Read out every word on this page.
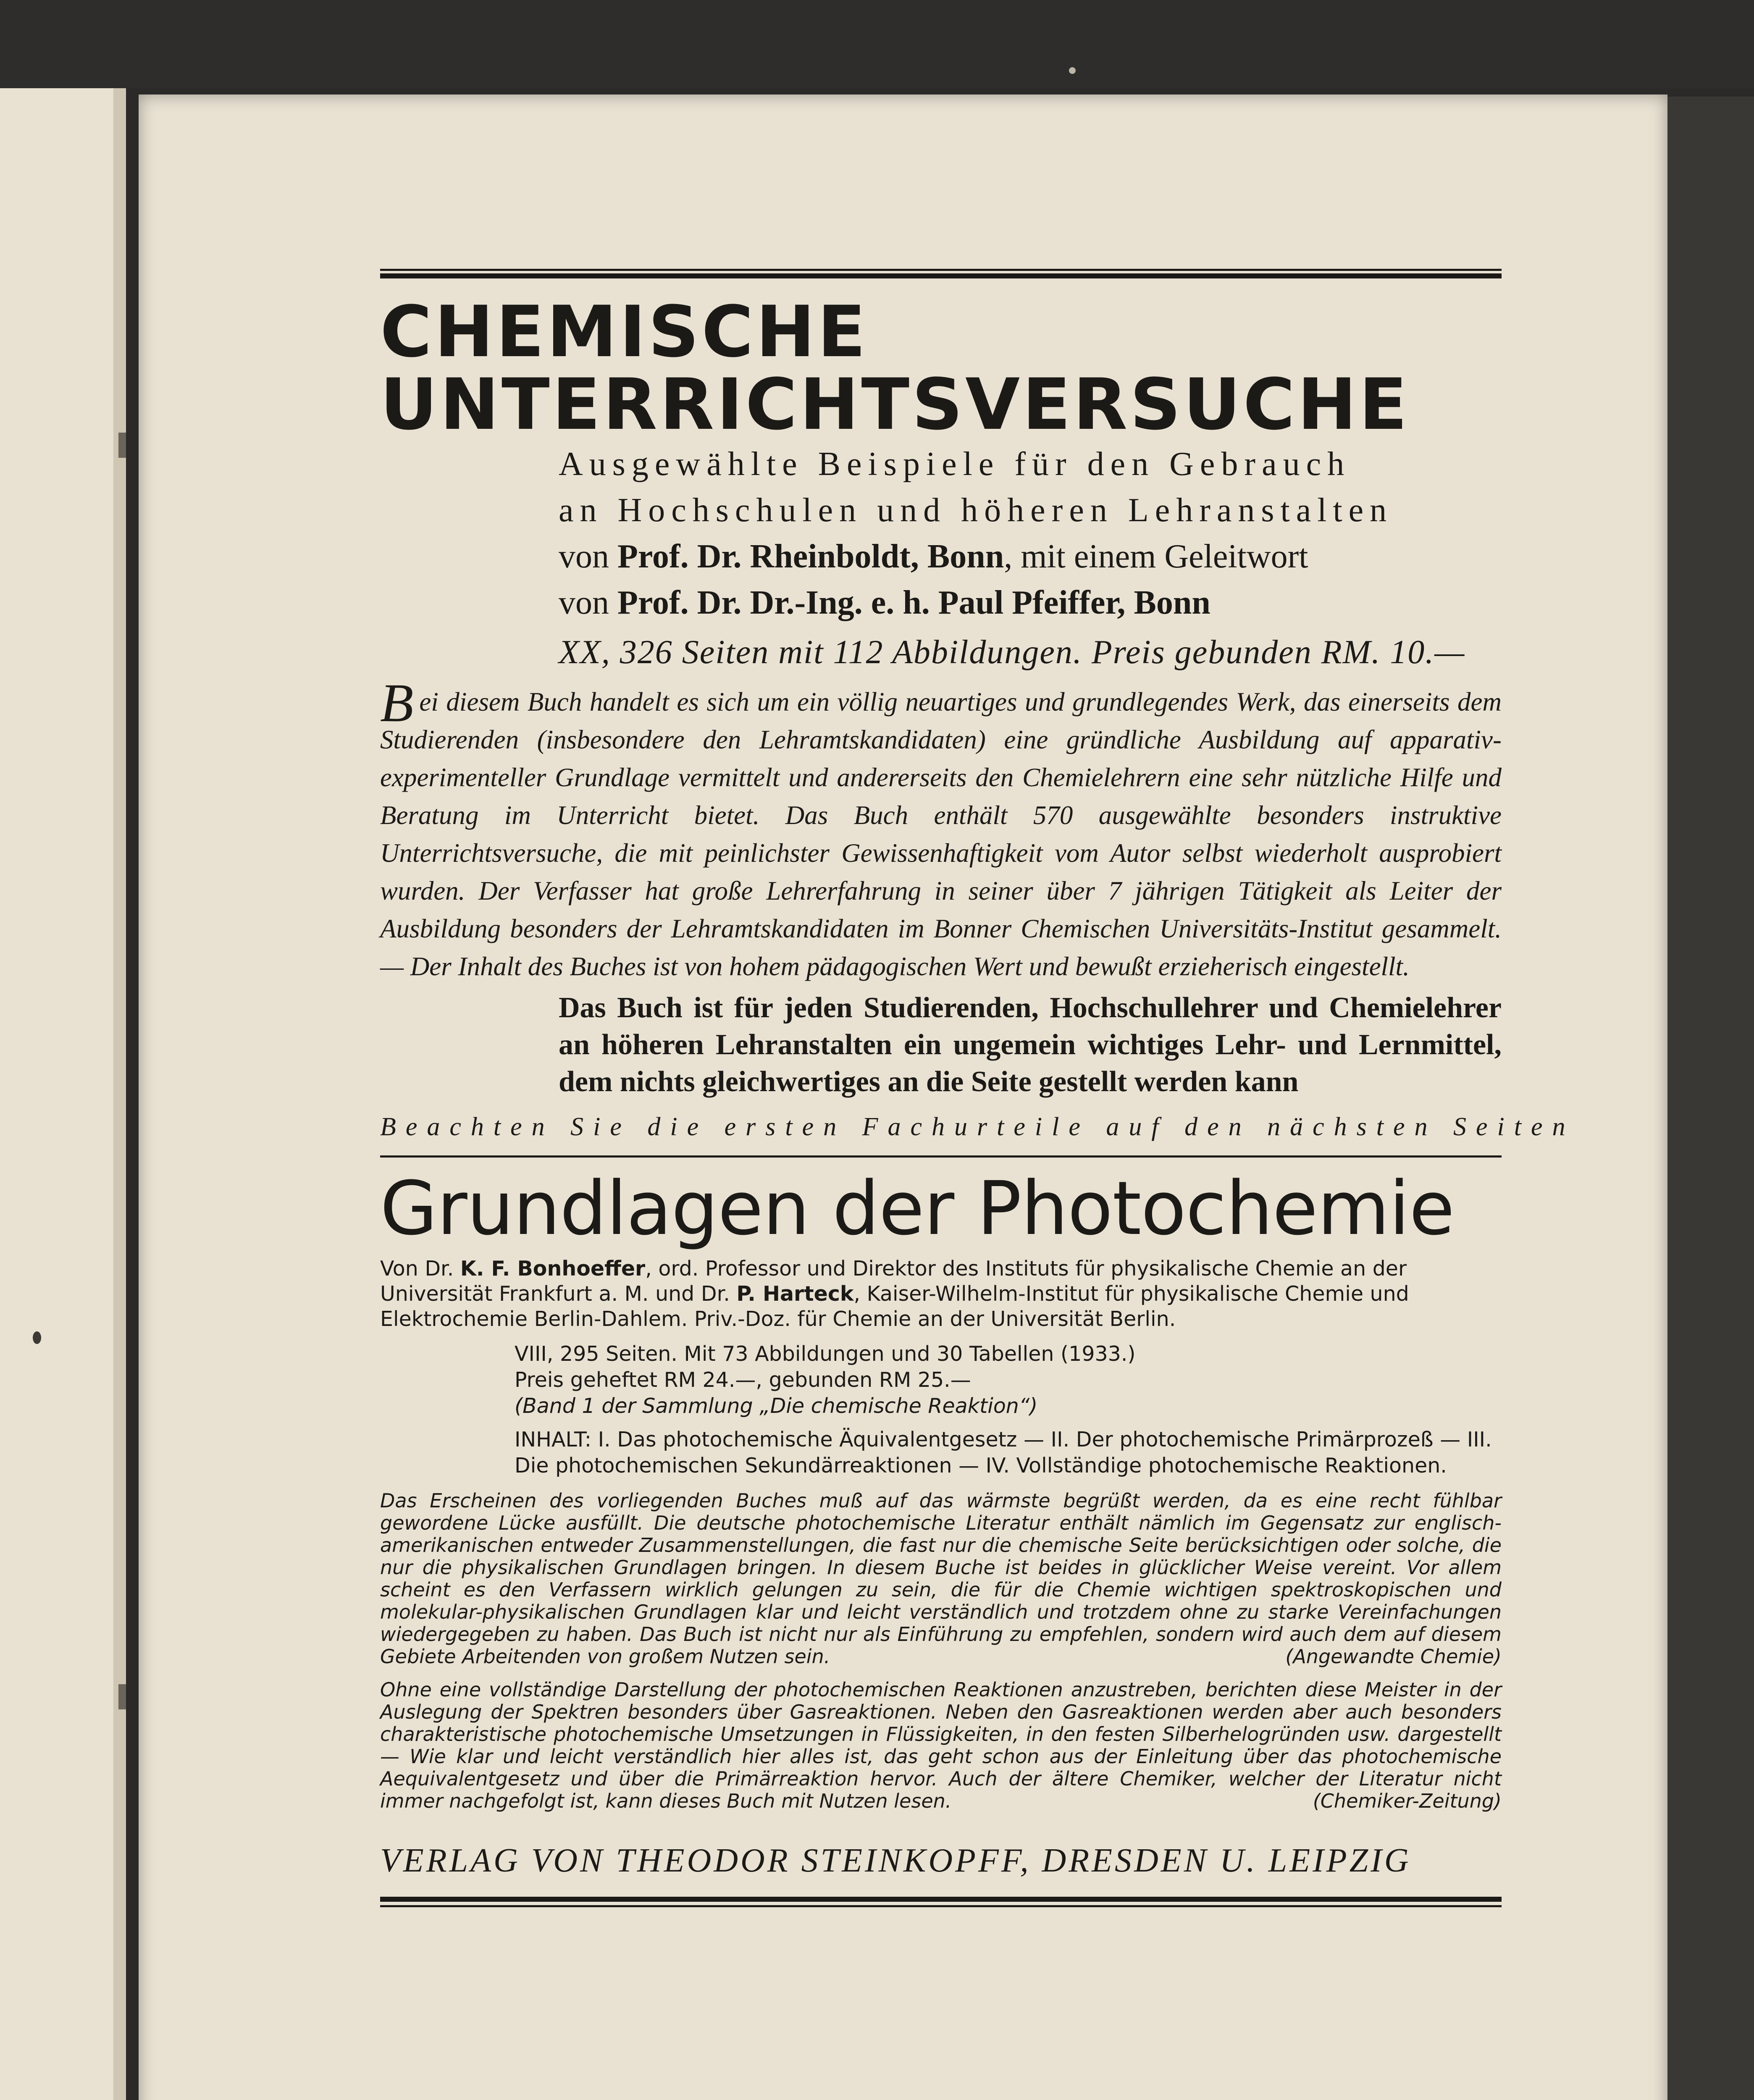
CHEMISCHE
UNTERRICHTSVERSUCHE
Ausgewählte Beispiele für den Gebrauch
an Hochschulen und höheren Lehranstalten
von Prof. Dr. Rheinboldt, Bonn, mit einem Geleitwort
von Prof. Dr. Dr.-Ing. e. h. Paul Pfeiffer, Bonn
XX, 326 Seiten mit 112 Abbildungen. Preis gebunden RM. 10.—
Bei diesem Buch handelt es sich um ein völlig neuartiges und grundlegendes Werk, das einerseits dem Studierenden (insbesondere den Lehramtskandidaten) eine gründliche Ausbildung auf apparativ-experimenteller Grundlage vermittelt und andererseits den Chemielehrern eine sehr nützliche Hilfe und Beratung im Unterricht bietet. Das Buch enthält 570 ausgewählte besonders instruktive Unterrichtsversuche, die mit peinlichster Gewissenhaftigkeit vom Autor selbst wiederholt ausprobiert wurden. Der Verfasser hat große Lehrerfahrung in seiner über 7 jährigen Tätigkeit als Leiter der Ausbildung besonders der Lehramtskandidaten im Bonner Chemischen Universitäts-Institut gesammelt. — Der Inhalt des Buches ist von hohem pädagogischen Wert und bewußt erzieherisch eingestellt.
Das Buch ist für jeden Studierenden, Hochschullehrer und Chemielehrer an höheren Lehranstalten ein ungemein wichtiges Lehr- und Lernmittel, dem nichts gleichwertiges an die Seite gestellt werden kann
Beachten Sie die ersten Fachurteile auf den nächsten Seiten
Grundlagen der Photochemie
Von Dr. K. F. Bonhoeffer, ord. Professor und Direktor des Instituts für physikalische Chemie an der Universität Frankfurt a. M. und Dr. P. Harteck, Kaiser-Wilhelm-Institut für physikalische Chemie und Elektrochemie Berlin-Dahlem. Priv.-Doz. für Chemie an der Universität Berlin.
VIII, 295 Seiten. Mit 73 Abbildungen und 30 Tabellen (1933.)
Preis geheftet RM 24.—, gebunden RM 25.—
(Band 1 der Sammlung „Die chemische Reaktion“)
INHALT: I. Das photochemische Äquivalentgesetz — II. Der photochemische Primärprozeß — III. Die photochemischen Sekundärreaktionen — IV. Vollständige photochemische Reaktionen.
Das Erscheinen des vorliegenden Buches muß auf das wärmste begrüßt werden, da es eine recht fühlbar gewordene Lücke ausfüllt. Die deutsche photochemische Literatur enthält nämlich im Gegensatz zur englisch-amerikanischen entweder Zusammenstellungen, die fast nur die chemische Seite berücksichtigen oder solche, die nur die physikalischen Grundlagen bringen. In diesem Buche ist beides in glücklicher Weise vereint. Vor allem scheint es den Verfassern wirklich gelungen zu sein, die für die Chemie wichtigen spektroskopischen und molekular-physikalischen Grundlagen klar und leicht verständlich und trotzdem ohne zu starke Vereinfachungen wiedergegeben zu haben. Das Buch ist nicht nur als Einführung zu empfehlen, sondern wird auch dem auf diesem Gebiete Arbeitenden von großem Nutzen sein.	(Angewandte Chemie)
Ohne eine vollständige Darstellung der photochemischen Reaktionen anzustreben, berichten diese Meister in der Auslegung der Spektren besonders über Gasreaktionen. Neben den Gasreaktionen werden aber auch besonders charakteristische photochemische Umsetzungen in Flüssigkeiten, in den festen Silberhelogründen usw. dargestellt — Wie klar und leicht verständlich hier alles ist, das geht schon aus der Einleitung über das photochemische Aequivalentgesetz und über die Primärreaktion hervor. Auch der ältere Chemiker, welcher der Literatur nicht immer nachgefolgt ist, kann dieses Buch mit Nutzen lesen.	(Chemiker-Zeitung)
VERLAG VON THEODOR STEINKOPFF, DRESDEN U. LEIPZIG
